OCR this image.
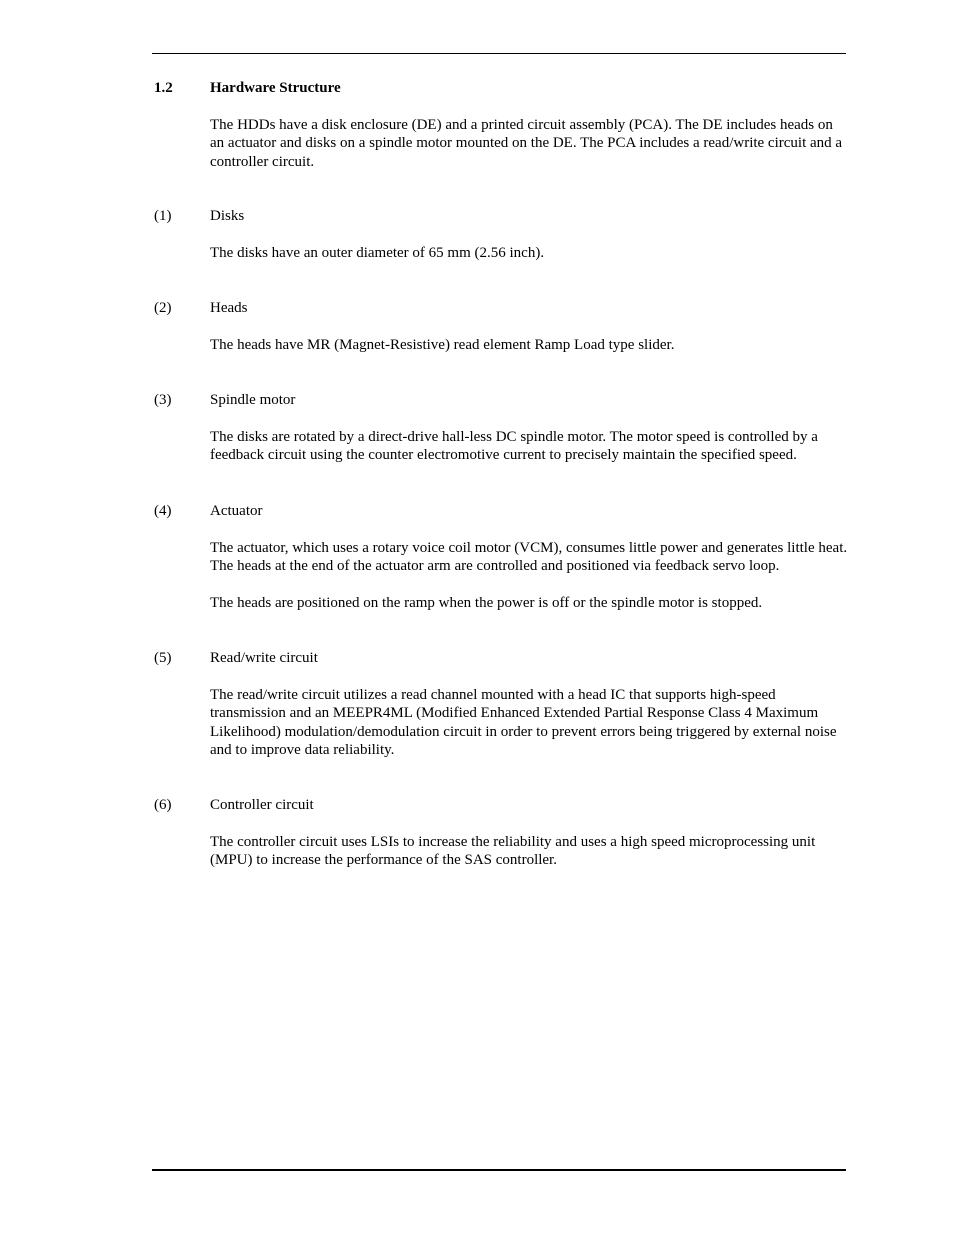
1.2 Hardware Structure

The HDDs have a disk enclosure (DE) and a printed circuit assembly (PCA). The DE includes heads on an actuator and disks on a spindle motor mounted on the DE. The PCA includes a read/write circuit and a controller circuit.

(1)	Disks

The disks have an outer diameter of 65 mm (2.56 inch).

(2)	Heads

The heads have MR (Magnet-Resistive) read element Ramp Load type slider.

(3)	Spindle motor

The disks are rotated by a direct-drive hall-less DC spindle motor. The motor speed is controlled by a feedback circuit using the counter electromotive current to precisely maintain the specified speed.

(4)	Actuator

The actuator, which uses a rotary voice coil motor (VCM), consumes little power and generates little heat. The heads at the end of the actuator arm are controlled and positioned via feedback servo loop.

The heads are positioned on the ramp when the power is off or the spindle motor is stopped.

(5)	Read/write circuit

The read/write circuit utilizes a read channel mounted with a head IC that supports high-speed transmission and an MEEPR4ML (Modified Enhanced Extended Partial Response Class 4 Maximum Likelihood) modulation/demodulation circuit in order to prevent errors being triggered by external noise and to improve data reliability.

(6)	Controller circuit

The controller circuit uses LSIs to increase the reliability and uses a high speed microprocessing unit (MPU) to increase the performance of the SAS controller.
